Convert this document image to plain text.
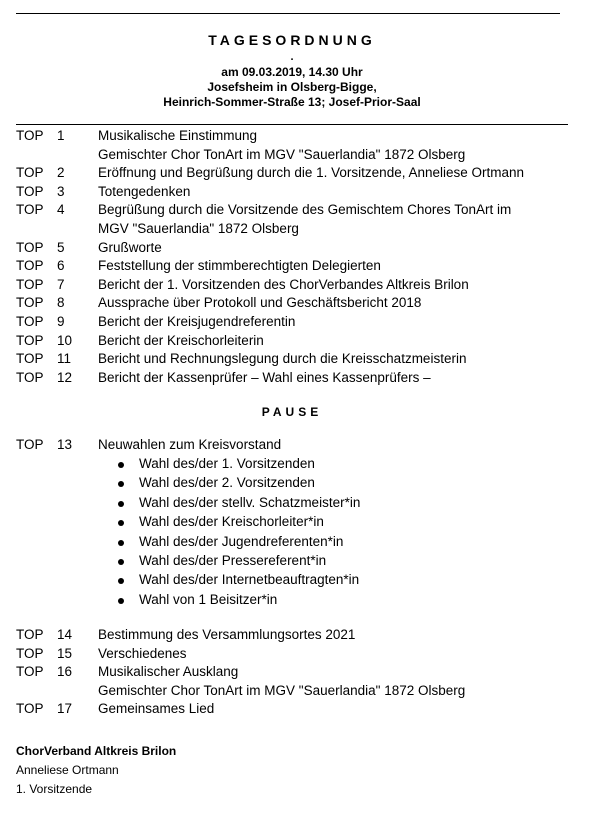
TAGESORDNUNG
.
am 09.03.2019, 14.30 Uhr
Josefsheim in Olsberg-Bigge,
Heinrich-Sommer-Straße 13; Josef-Prior-Saal
TOP 1 Musikalische Einstimmung
Gemischter Chor TonArt im MGV "Sauerlandia" 1872 Olsberg
TOP 2 Eröffnung und Begrüßung durch die 1. Vorsitzende, Anneliese Ortmann
TOP 3 Totengedenken
TOP 4 Begrüßung durch die Vorsitzende des Gemischtem Chores TonArt im
MGV "Sauerlandia" 1872 Olsberg
TOP 5 Grußworte
TOP 6 Feststellung der stimmberechtigten Delegierten
TOP 7 Bericht der 1. Vorsitzenden des ChorVerbandes Altkreis Brilon
TOP 8 Aussprache über Protokoll und Geschäftsbericht 2018
TOP 9 Bericht der Kreisjugendreferentin
TOP 10 Bericht der Kreischorleiterin
TOP 11 Bericht und Rechnungslegung durch die Kreisschatzmeisterin
TOP 12 Bericht der Kassenprüfer – Wahl eines Kassenprüfers –
PAUSE
TOP 13 Neuwahlen zum Kreisvorstand
Wahl des/der 1. Vorsitzenden
Wahl des/der 2. Vorsitzenden
Wahl des/der stellv. Schatzmeister*in
Wahl des/der Kreischorleiter*in
Wahl des/der Jugendreferenten*in
Wahl des/der Pressereferent*in
Wahl des/der Internetbeauftragten*in
Wahl von 1 Beisitzer*in
TOP 14 Bestimmung des Versammlungsortes 2021
TOP 15 Verschiedenes
TOP 16 Musikalischer Ausklang
Gemischter Chor TonArt im MGV "Sauerlandia" 1872 Olsberg
TOP 17 Gemeinsames Lied
ChorVerband Altkreis Brilon
Anneliese Ortmann
1. Vorsitzende
